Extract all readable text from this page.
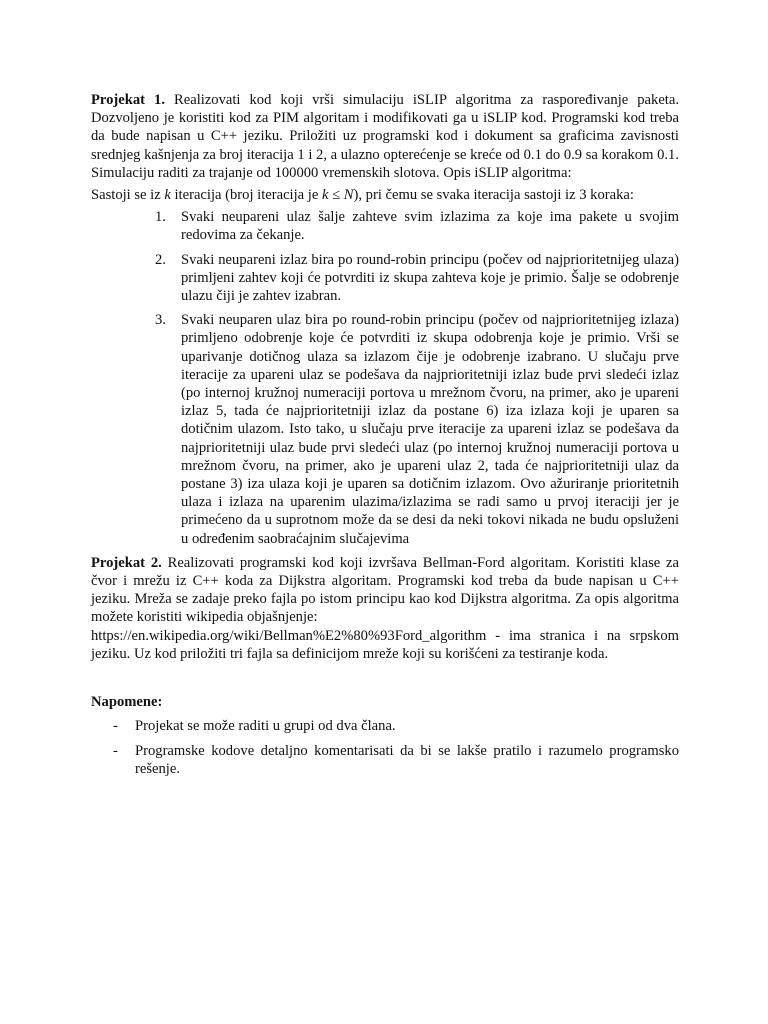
Projekat 1. Realizovati kod koji vrši simulaciju iSLIP algoritma za raspoređivanje paketa. Dozvoljeno je koristiti kod za PIM algoritam i modifikovati ga u iSLIP kod. Programski kod treba da bude napisan u C++ jeziku. Priložiti uz programski kod i dokument sa graficima zavisnosti srednjeg kašnjenja za broj iteracija 1 i 2, a ulazno opterećenje se kreće od 0.1 do 0.9 sa korakom 0.1. Simulaciju raditi za trajanje od 100000 vremenskih slotova. Opis iSLIP algoritma:

Sastoji se iz k iteracija (broj iteracija je k ≤ N), pri čemu se svaka iteracija sastoji iz 3 koraka:

1. Svaki neupareni ulaz šalje zahteve svim izlazima za koje ima pakete u svojim redovima za čekanje.
2. Svaki neupareni izlaz bira po round-robin principu (počev od najprioritetnijeg ulaza) primljeni zahtev koji će potvrditi iz skupa zahteva koje je primio. Šalje se odobrenje ulazu čiji je zahtev izabran.
3. Svaki neuparen ulaz bira po round-robin principu (počev od najprioritetnijeg izlaza) primljeno odobrenje koje će potvrditi iz skupa odobrenja koje je primio. Vrši se uparivanje dotičnog ulaza sa izlazom čije je odobrenje izabrano. U slučaju prve iteracije za upareni ulaz se podešava da najprioritetniji izlaz bude prvi sledeći izlaz (po internoj kružnoj numeraciji portova u mrežnom čvoru, na primer, ako je upareni izlaz 5, tada će najprioritetniji izlaz da postane 6) iza izlaza koji je uparen sa dotičnim ulazom. Isto tako, u slučaju prve iteracije za upareni izlaz se podešava da najprioritetniji ulaz bude prvi sledeći ulaz (po internoj kružnoj numeraciji portova u mrežnom čvoru, na primer, ako je upareni ulaz 2, tada će najprioritetniji ulaz da postane 3) iza ulaza koji je uparen sa dotičnim izlazom. Ovo ažuriranje prioritetnih ulaza i izlaza na uparenim ulazima/izlazima se radi samo u prvoj iteraciji jer je primećeno da u suprotnom može da se desi da neki tokovi nikada ne budu opsluženi u određenim saobraćajnim slučajevima

Projekat 2. Realizovati programski kod koji izvršava Bellman-Ford algoritam. Koristiti klase za čvor i mrežu iz C++ koda za Dijkstra algoritam. Programski kod treba da bude napisan u C++ jeziku. Mreža se zadaje preko fajla po istom principu kao kod Dijkstra algoritma. Za opis algoritma možete koristiti wikipedia objašnjenje:
https://en.wikipedia.org/wiki/Bellman%E2%80%93Ford_algorithm - ima stranica i na srpskom jeziku. Uz kod priložiti tri fajla sa definicijom mreže koji su korišćeni za testiranje koda.

Napomene:

- Projekat se može raditi u grupi od dva člana.
- Programske kodove detaljno komentarisati da bi se lakše pratilo i razumelo programsko rešenje.
